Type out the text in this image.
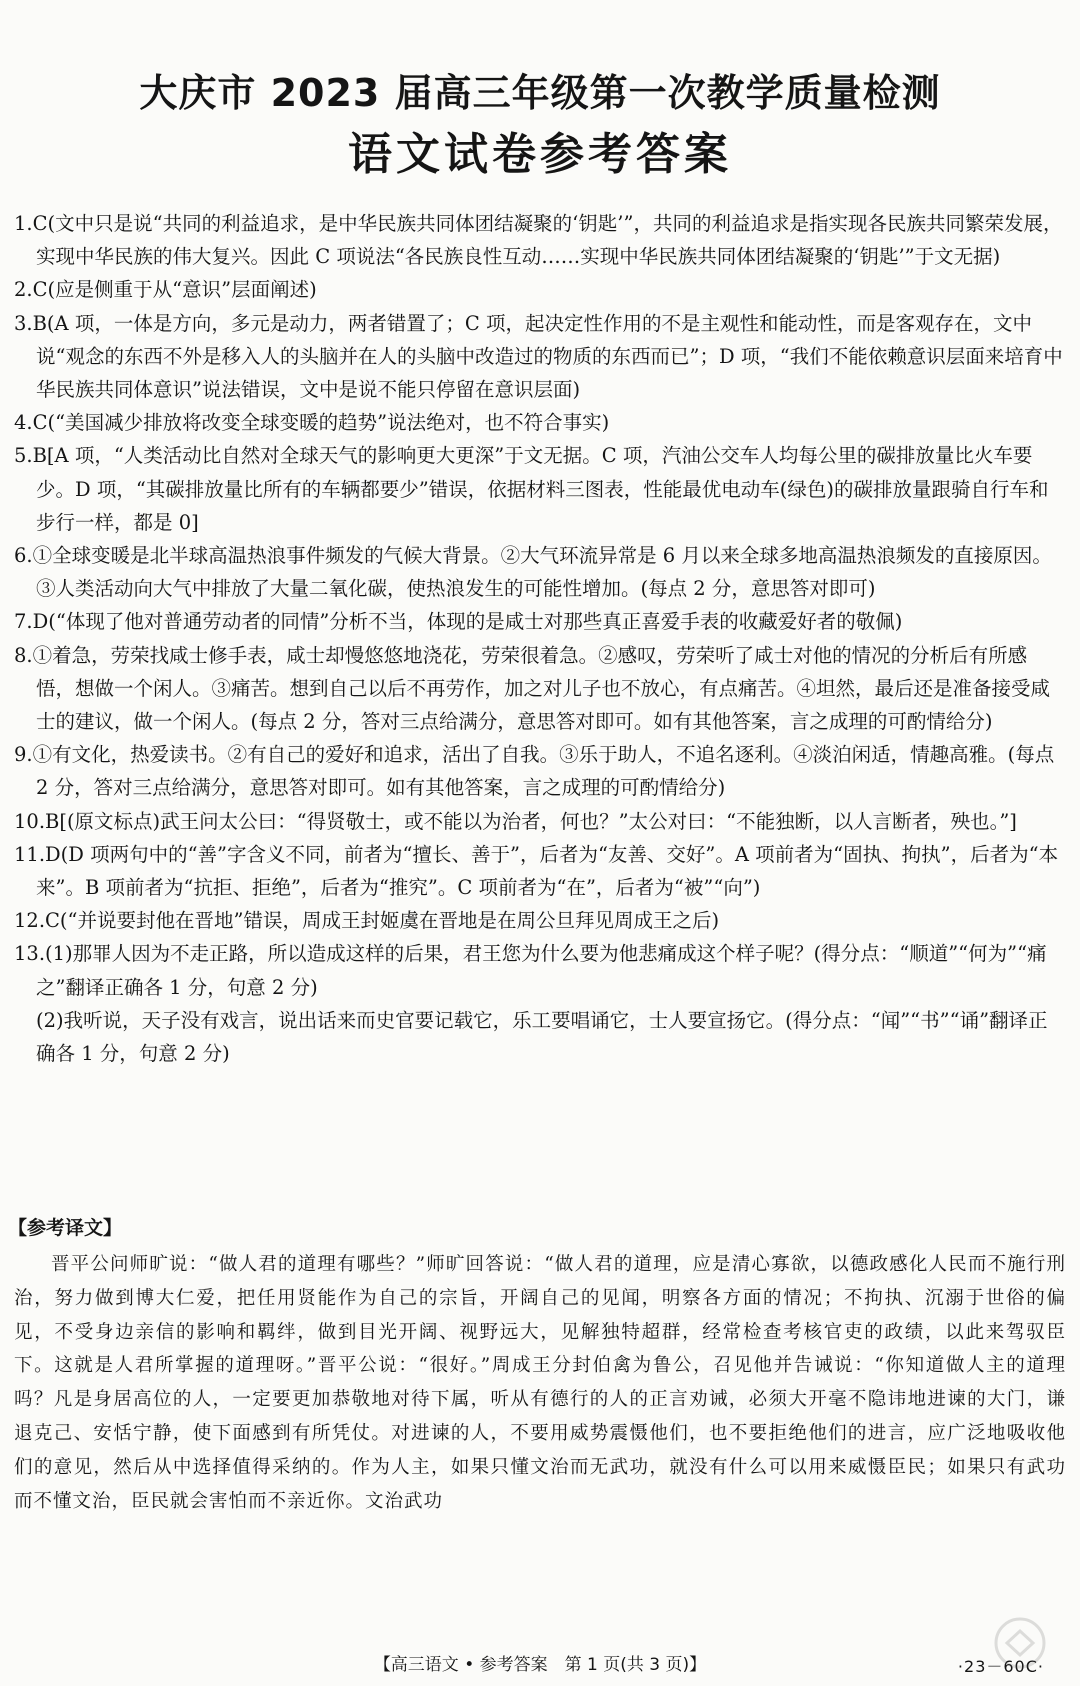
大庆市 2023 届高三年级第一次教学质量检测
语文试卷参考答案

1.C(文中只是说“共同的利益追求，是中华民族共同体团结凝聚的‘钥匙’”，共同的利益追求是指实现各民族共同繁荣发展，实现中华民族的伟大复兴。因此 C 项说法“各民族良性互动……实现中华民族共同体团结凝聚的‘钥匙’”于文无据)

2.C(应是侧重于从“意识”层面阐述)

3.B(A 项，一体是方向，多元是动力，两者错置了；C 项，起决定性作用的不是主观性和能动性，而是客观存在，文中说“观念的东西不外是移入人的头脑并在人的头脑中改造过的物质的东西而已”；D 项，“我们不能依赖意识层面来培育中华民族共同体意识”说法错误，文中是说不能只停留在意识层面)

4.C(“美国减少排放将改变全球变暖的趋势”说法绝对，也不符合事实)

5.B[A 项，“人类活动比自然对全球天气的影响更大更深”于文无据。C 项，汽油公交车人均每公里的碳排放量比火车要少。D 项，“其碳排放量比所有的车辆都要少”错误，依据材料三图表，性能最优电动车(绿色)的碳排放量跟骑自行车和步行一样，都是 0]

6.①全球变暖是北半球高温热浪事件频发的气候大背景。②大气环流异常是 6 月以来全球多地高温热浪频发的直接原因。③人类活动向大气中排放了大量二氧化碳，使热浪发生的可能性增加。(每点 2 分，意思答对即可)

7.D(“体现了他对普通劳动者的同情”分析不当，体现的是咸士对那些真正喜爱手表的收藏爱好者的敬佩)

8.①着急，劳荣找咸士修手表，咸士却慢悠悠地浇花，劳荣很着急。②感叹，劳荣听了咸士对他的情况的分析后有所感悟，想做一个闲人。③痛苦。想到自己以后不再劳作，加之对儿子也不放心，有点痛苦。④坦然，最后还是准备接受咸士的建议，做一个闲人。(每点 2 分，答对三点给满分，意思答对即可。如有其他答案，言之成理的可酌情给分)

9.①有文化，热爱读书。②有自己的爱好和追求，活出了自我。③乐于助人，不追名逐利。④淡泊闲适，情趣高雅。(每点 2 分，答对三点给满分，意思答对即可。如有其他答案，言之成理的可酌情给分)

10.B[(原文标点)武王问太公曰：“得贤敬士，或不能以为治者，何也？”太公对曰：“不能独断，以人言断者，殃也。”]

11.D(D 项两句中的“善”字含义不同，前者为“擅长、善于”，后者为“友善、交好”。A 项前者为“固执、拘执”，后者为“本来”。B 项前者为“抗拒、拒绝”，后者为“推究”。C 项前者为“在”，后者为“被”“向”)

12.C(“并说要封他在晋地”错误，周成王封姬虞在晋地是在周公旦拜见周成王之后)

13.(1)那罪人因为不走正路，所以造成这样的后果，君王您为什么要为他悲痛成这个样子呢？(得分点：“顺道”“何为”“痛之”翻译正确各 1 分，句意 2 分)

(2)我听说，天子没有戏言，说出话来而史官要记载它，乐工要唱诵它，士人要宣扬它。(得分点：“闻”“书”“诵”翻译正确各 1 分，句意 2 分)

【参考译文】
晋平公问师旷说：“做人君的道理有哪些？”师旷回答说：“做人君的道理，应是清心寡欲，以德政感化人民而不施行刑治，努力做到博大仁爱，把任用贤能作为自己的宗旨，开阔自己的见闻，明察各方面的情况；不拘执、沉溺于世俗的偏见，不受身边亲信的影响和羁绊，做到目光开阔、视野远大，见解独特超群，经常检查考核官吏的政绩，以此来驾驭臣下。这就是人君所掌握的道理呀。”晋平公说：“很好。”周成王分封伯禽为鲁公，召见他并告诫说：“你知道做人主的道理吗？凡是身居高位的人，一定要更加恭敬地对待下属，听从有德行的人的正言劝诫，必须大开毫不隐讳地进谏的大门，谦退克己、安恬宁静，使下面感到有所凭仗。对进谏的人，不要用威势震慑他们，也不要拒绝他们的进言，应广泛地吸收他们的意见，然后从中选择值得采纳的。作为人主，如果只懂文治而无武功，就没有什么可以用来威慑臣民；如果只有武功而不懂文治，臣民就会害怕而不亲近你。文治武功
【高三语文 • 参考答案　第 1 页(共 3 页)】	·23－60C·
